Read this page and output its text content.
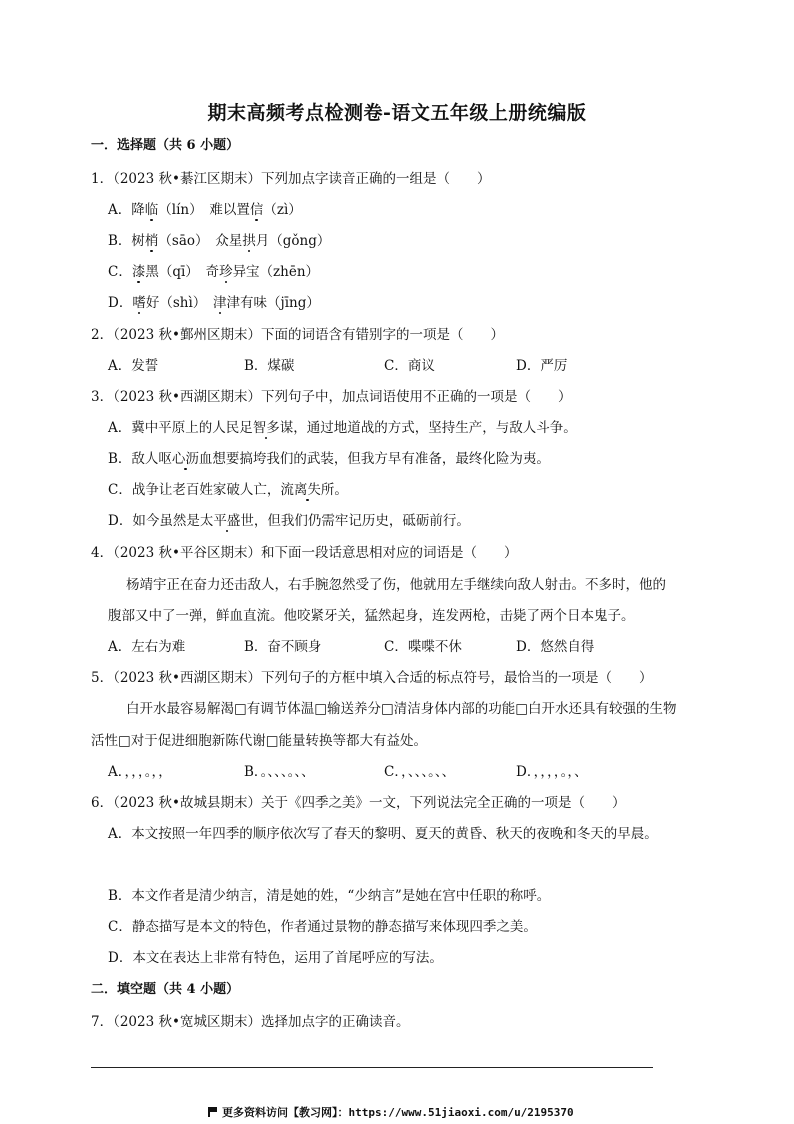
期末高频考点检测卷-语文五年级上册统编版
一．选择题（共 6 小题）
1．（2023 秋•綦江区期末）下列加点字读音正确的一组是（　　）
A．降临（lín）　难以置信（zì）
B．树梢（sāo）　众星拱月（gǒng）
C．漆黑（qī）　奇珍异宝（zhēn）
D．嗜好（shì）　津津有味（jīng）
2．（2023 秋•鄞州区期末）下面的词语含有错别字的一项是（　　）
A．发誓	B．煤碳	C．商议	D．严厉
3．（2023 秋•西湖区期末）下列句子中，加点词语使用不正确的一项是（　　）
A．冀中平原上的人民足智多谋，通过地道战的方式，坚持生产，与敌人斗争。
B．敌人呕心沥血想要搞垮我们的武装，但我方早有准备，最终化险为夷。
C．战争让老百姓家破人亡，流离失所。
D．如今虽然是太平盛世，但我们仍需牢记历史，砥砺前行。
4．（2023 秋•平谷区期末）和下面一段话意思相对应的词语是（　　）
杨靖宇正在奋力还击敌人，右手腕忽然受了伤，他就用左手继续向敌人射击。不多时，他的
腹部又中了一弹，鲜血直流。他咬紧牙关，猛然起身，连发两枪，击毙了两个日本鬼子。
A．左右为难	B．奋不顾身	C．喋喋不休	D．悠然自得
5．（2023 秋•西湖区期末）下列句子的方框中填入合适的标点符号，最恰当的一项是（　　）
白开水最容易解渴□有调节体温□输送养分□清洁身体内部的功能□白开水还具有较强的生物
活性□对于促进细胞新陈代谢□能量转换等都大有益处。
A．，，，。，，	B．。、、、。、、	C．，、、、。、、	D．，，，，。，、
6．（2023 秋•故城县期末）关于《四季之美》一文，下列说法完全正确的一项是（　　）
A．本文按照一年四季的顺序依次写了春天的黎明、夏天的黄昏、秋天的夜晚和冬天的早晨。
B．本文作者是清少纳言，清是她的姓，“少纳言”是她在宫中任职的称呼。
C．静态描写是本文的特色，作者通过景物的静态描写来体现四季之美。
D．本文在表达上非常有特色，运用了首尾呼应的写法。
二．填空题（共 4 小题）
7．（2023 秋•宽城区期末）选择加点字的正确读音。
更多资料访问【教习网】：https://www.51jiaoxi.com/u/2195370
